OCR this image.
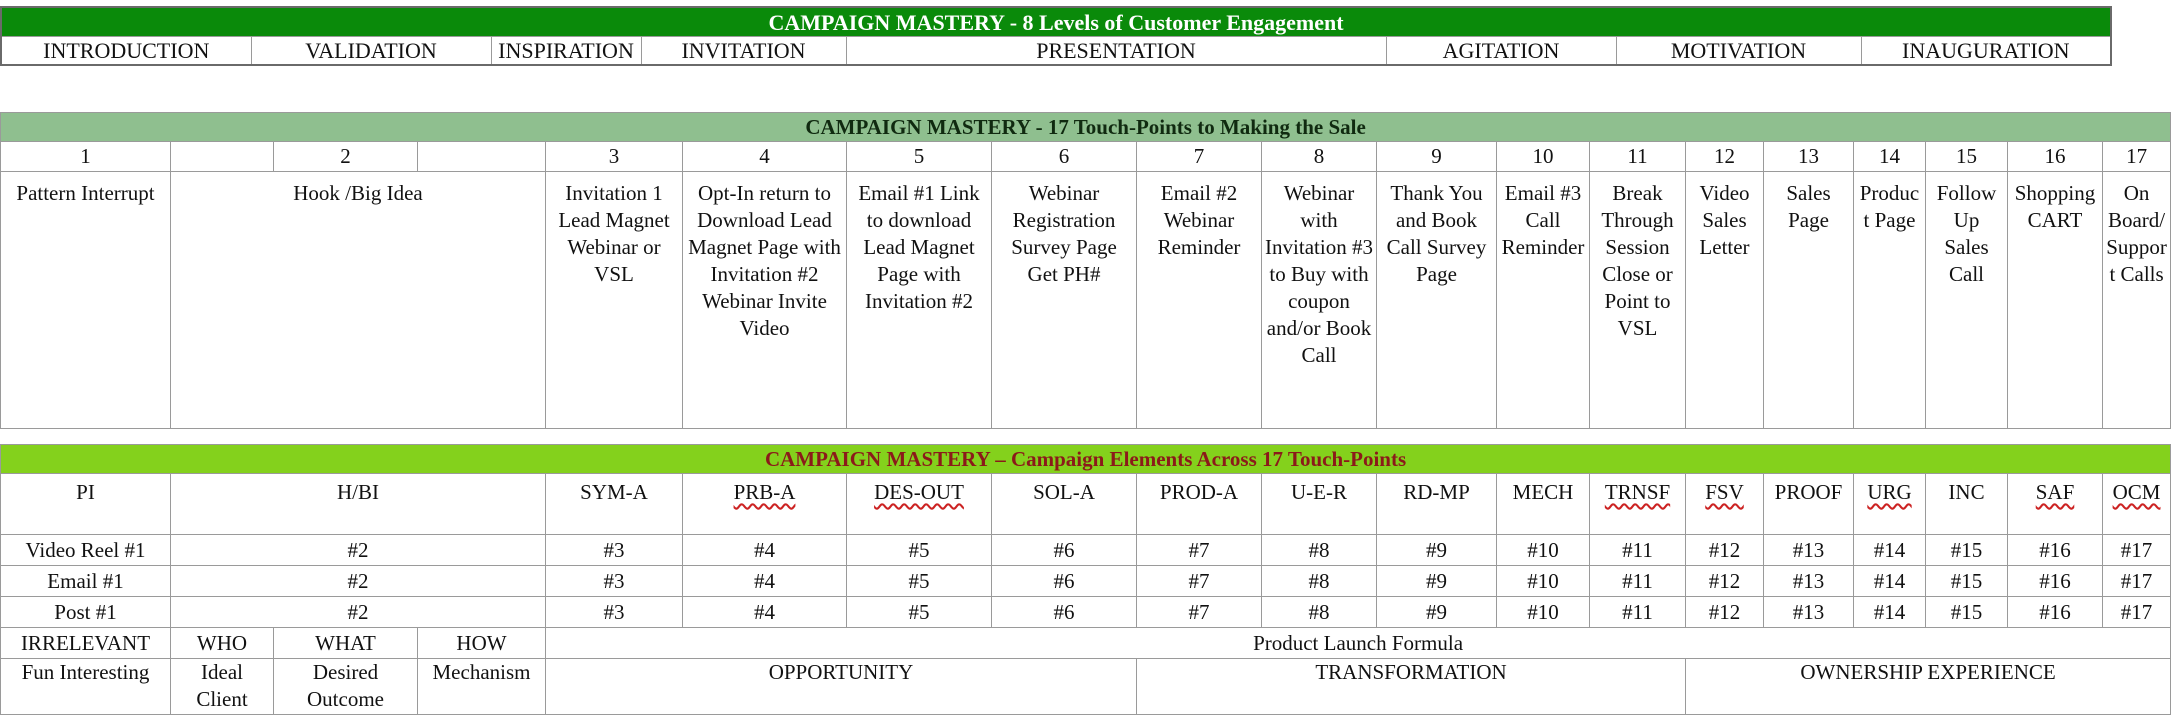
CAMPAIGN MASTERY - 8 Levels of Customer Engagement
INTRODUCTION	VALIDATION	INSPIRATION	INVITATION	PRESENTATION	AGITATION	MOTIVATION	INAUGURATION
CAMPAIGN MASTERY - 17 Touch-Points to Making the Sale																		
1		2		3	4	5	6	7	8	9	10	11	12	13	14	15	16	17
Pattern Interrupt	Hook /Big Idea			Invitation 1 Lead Magnet Webinar or VSL	Opt-In return to Download Lead Magnet Page with Invitation #2 Webinar Invite Video	Email #1 Link to download Lead Magnet Page with Invitation #2	Webinar Registration Survey Page Get PH#	Email #2 Webinar Reminder	Webinar with Invitation #3 to Buy with coupon and/or Book Call	Thank You and Book Call Survey Page	Email #3 Call Reminder	Break Through Session Close or Point to VSL	Video Sales Letter	Sales Page	Product Page	Follow Up Sales Call	Shopping CART	On Board/ Support Calls
CAMPAIGN MASTERY – Campaign Elements Across 17 Touch-Points																		
PI	H/BI			SYM-A	PRB-A	DES-OUT	SOL-A	PROD-A	U-E-R	RD-MP	MECH	TRNSF	FSV	PROOF	URG	INC	SAF	OCM
Video Reel #1	#2			#3	#4	#5	#6	#7	#8	#9	#10	#11	#12	#13	#14	#15	#16	#17
Email #1	#2			#3	#4	#5	#6	#7	#8	#9	#10	#11	#12	#13	#14	#15	#16	#17
Post #1	#2			#3	#4	#5	#6	#7	#8	#9	#10	#11	#12	#13	#14	#15	#16	#17
IRRELEVANT	WHO	WHAT	HOW	Product Launch Formula														
Fun Interesting	Ideal Client	Desired Outcome	Mechanism	OPPORTUNITY				TRANSFORMATION					OWNERSHIP EXPERIENCE					
